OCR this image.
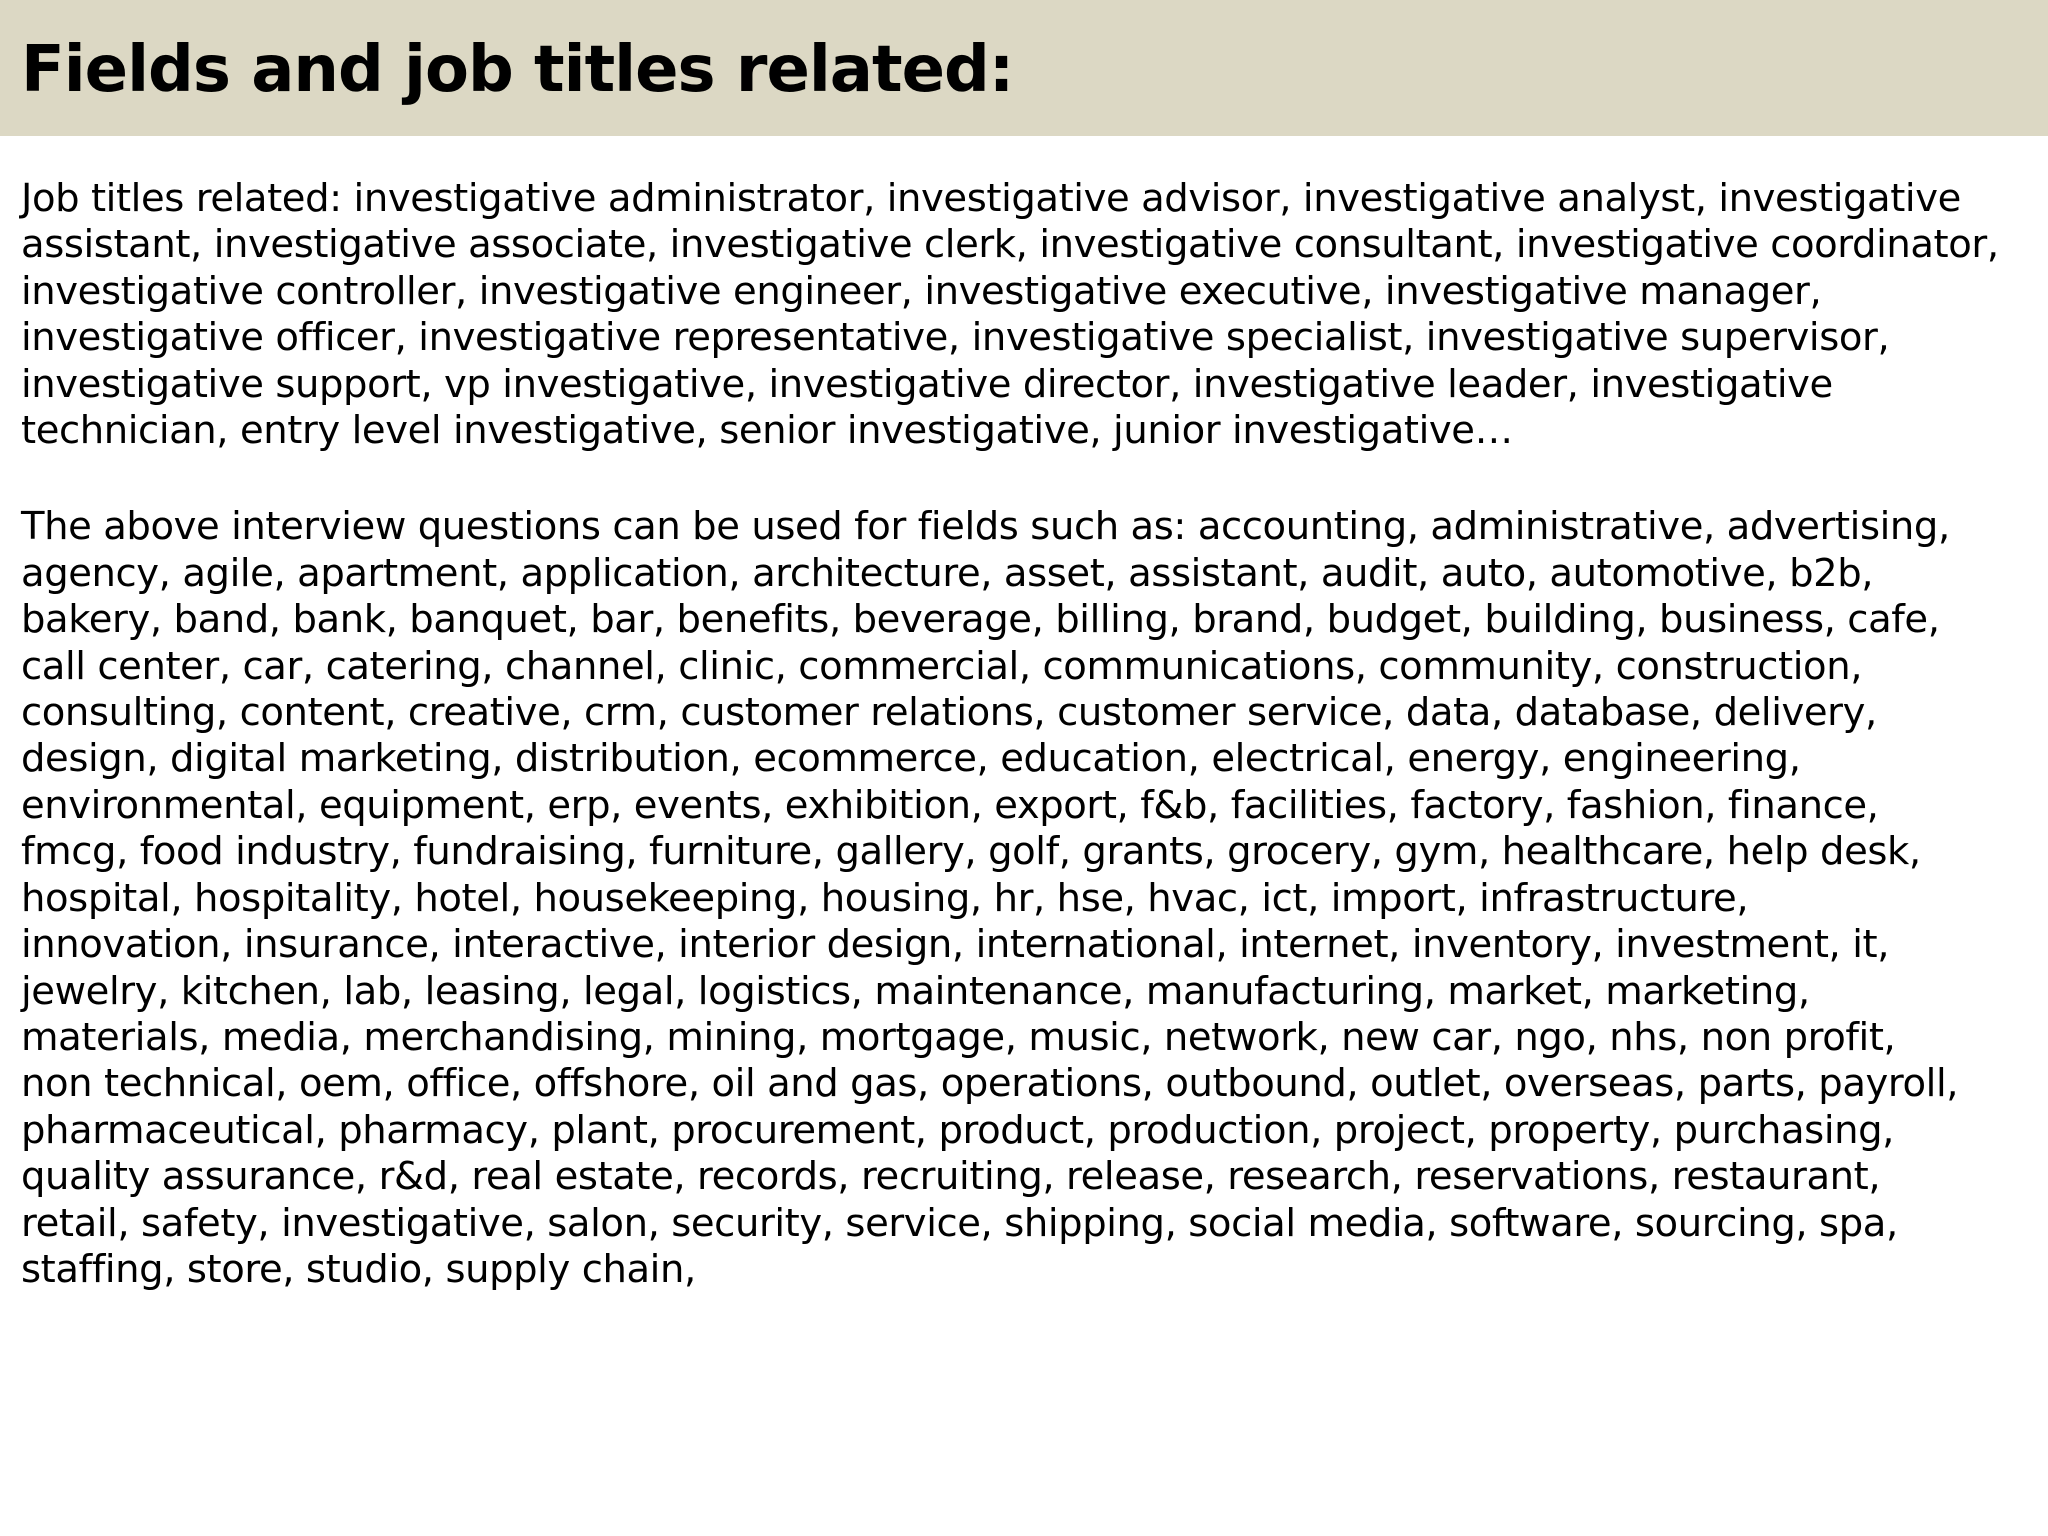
Fields and job titles related:
Job titles related: investigative administrator, investigative advisor, investigative analyst, investigative
assistant, investigative associate, investigative clerk, investigative consultant, investigative coordinator,
investigative controller, investigative engineer, investigative executive, investigative manager,
investigative officer, investigative representative, investigative specialist, investigative supervisor,
investigative support, vp investigative, investigative director, investigative leader, investigative
technician, entry level investigative, senior investigative, junior investigative…
The above interview questions can be used for fields such as: accounting, administrative, advertising,
agency, agile, apartment, application, architecture, asset, assistant, audit, auto, automotive, b2b,
bakery, band, bank, banquet, bar, benefits, beverage, billing, brand, budget, building, business, cafe,
call center, car, catering, channel, clinic, commercial, communications, community, construction,
consulting, content, creative, crm, customer relations, customer service, data, database, delivery,
design, digital marketing, distribution, ecommerce, education, electrical, energy, engineering,
environmental, equipment, erp, events, exhibition, export, f&b, facilities, factory, fashion, finance,
fmcg, food industry, fundraising, furniture, gallery, golf, grants, grocery, gym, healthcare, help desk,
hospital, hospitality, hotel, housekeeping, housing, hr, hse, hvac, ict, import, infrastructure,
innovation, insurance, interactive, interior design, international, internet, inventory, investment, it,
jewelry, kitchen, lab, leasing, legal, logistics, maintenance, manufacturing, market, marketing,
materials, media, merchandising, mining, mortgage, music, network, new car, ngo, nhs, non profit,
non technical, oem, office, offshore, oil and gas, operations, outbound, outlet, overseas, parts, payroll,
pharmaceutical, pharmacy, plant, procurement, product, production, project, property, purchasing,
quality assurance, r&d, real estate, records, recruiting, release, research, reservations, restaurant,
retail, safety, investigative, salon, security, service, shipping, social media, software, sourcing, spa,
staffing, store, studio, supply chain,
